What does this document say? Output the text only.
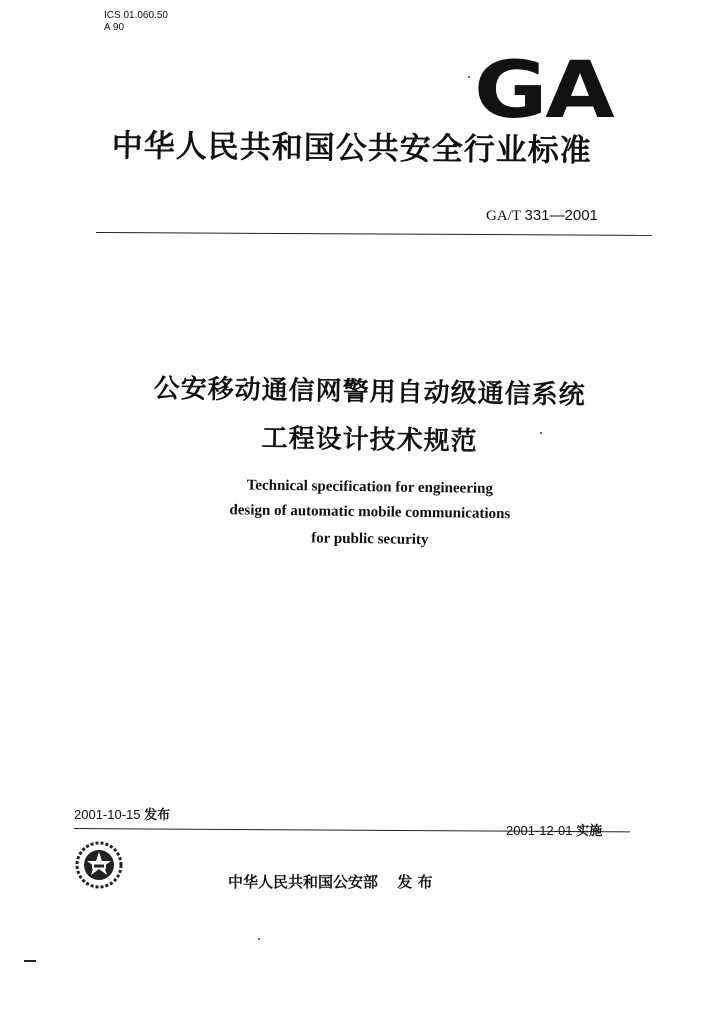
ICS 01.060.50
A 90
GA
中华人民共和国公共安全行业标准
GA/T 331—2001
公安移动通信网警用自动级通信系统
工程设计技术规范
Technical specification for engineering
design of automatic mobile communications
for public security
2001-10-15 发布
2001-12-01 实施
中华人民共和国公安部 发 布
